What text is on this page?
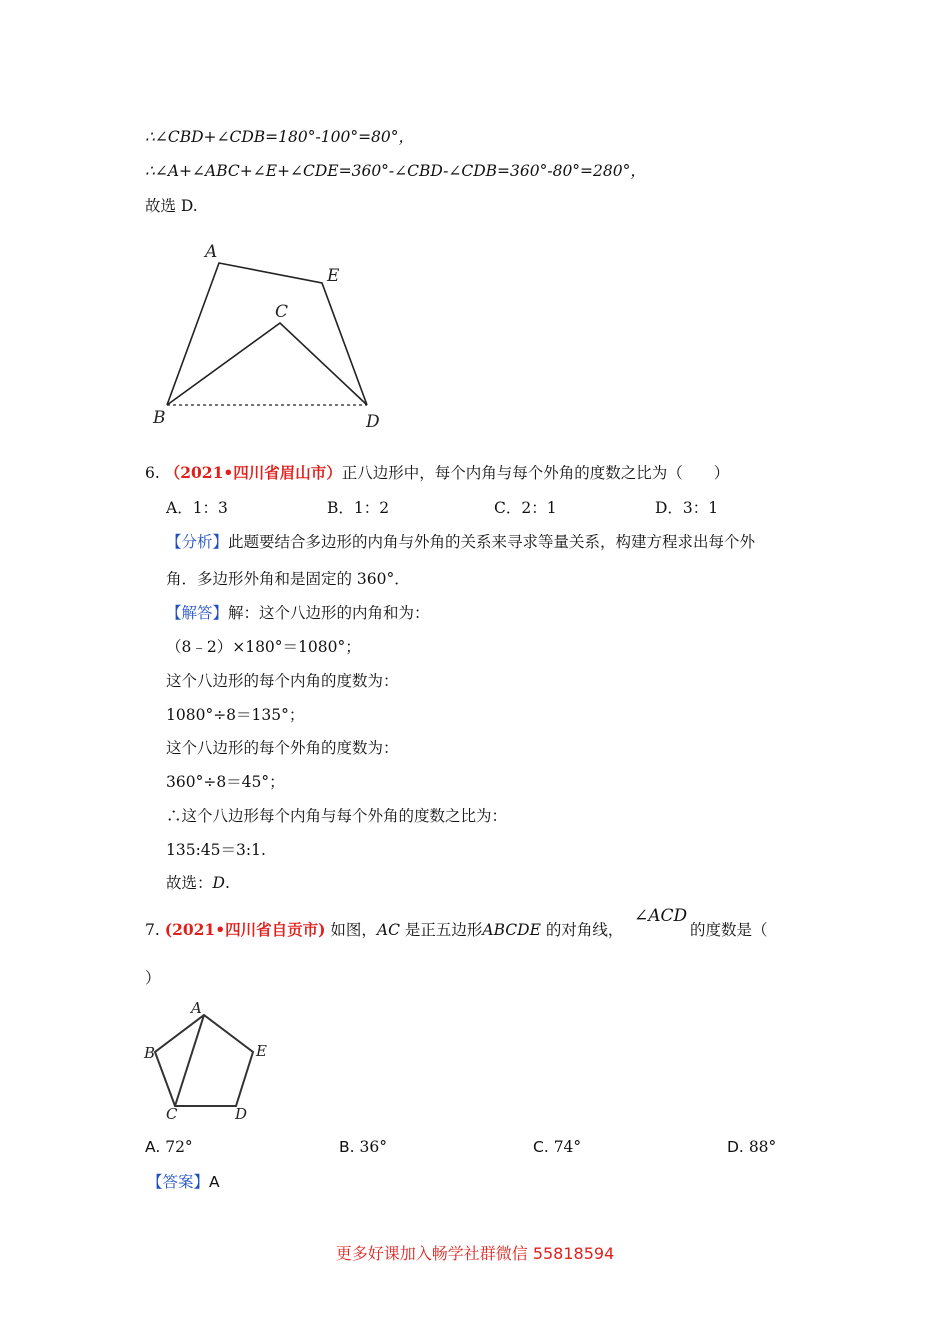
∴∠CBD+∠CDB=180°-100°=80°，
∴∠A+∠ABC+∠E+∠CDE=360°-∠CBD-∠CDB=360°-80°=280°，
故选 D.
A
E
C
B	D
6. （2021•四川省眉山市）正八边形中，每个内角与每个外角的度数之比为（　　）
A．1：3	B．1：2	C．2：1	D．3：1
【分析】此题要结合多边形的内角与外角的关系来寻求等量关系，构建方程求出每个外
角．多边形外角和是固定的 360°．
【解答】解：这个八边形的内角和为：
（8﹣2）×180°＝1080°；
这个八边形的每个内角的度数为：
1080°÷8＝135°；
这个八边形的每个外角的度数为：
360°÷8＝45°；
∴这个八边形每个内角与每个外角的度数之比为：
135:45＝3:1.
故选：D.
7. (2021•四川省自贡市) 如图，AC 是正五边形ABCDE 的对角线，
∠ACD
的度数是（
）
A
B	E
C	D
A. 72°	B. 36°	C. 74°	D. 88°
【答案】A
更多好课加入畅学社群微信 55818594
